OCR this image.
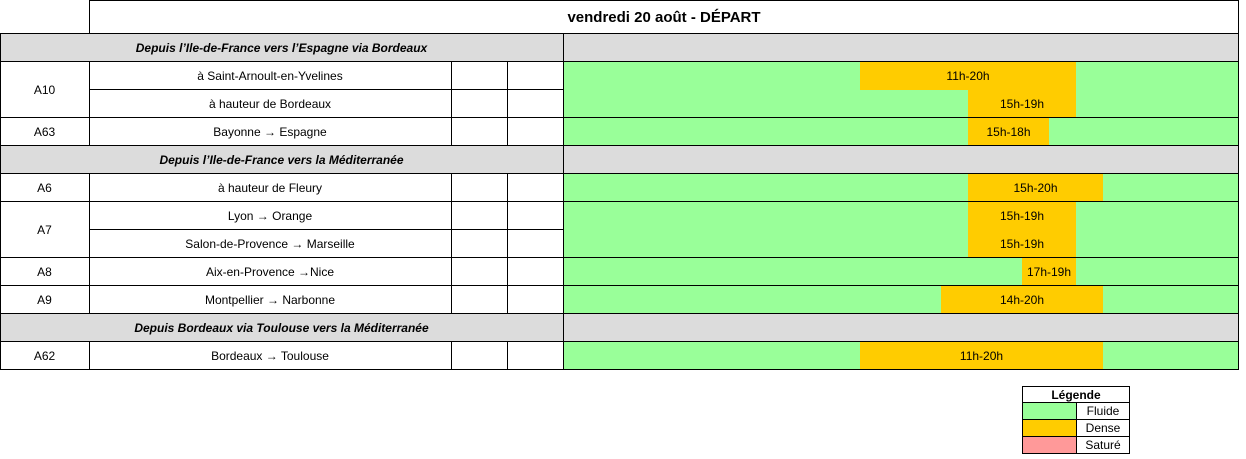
vendredi 20 août - DÉPART
Depuis l’Ile-de-France vers l’Espagne via Bordeaux
Depuis l’Ile-de-France vers la Méditerranée
Depuis Bordeaux via Toulouse vers la Méditerranée
A10
A63
A6
A7
A8
A9
A62
à Saint-Arnoult-en-Yvelines
à hauteur de Bordeaux
Bayonne → Espagne
à hauteur de Fleury
Lyon → Orange
Salon-de-Provence → Marseille
Aix-en-Provence →Nice
Montpellier → Narbonne
Bordeaux → Toulouse
11h-20h
15h-19h
15h-18h
15h-20h
15h-19h
15h-19h
17h-19h
14h-20h
11h-20h
Légende
Fluide
Dense
Saturé
